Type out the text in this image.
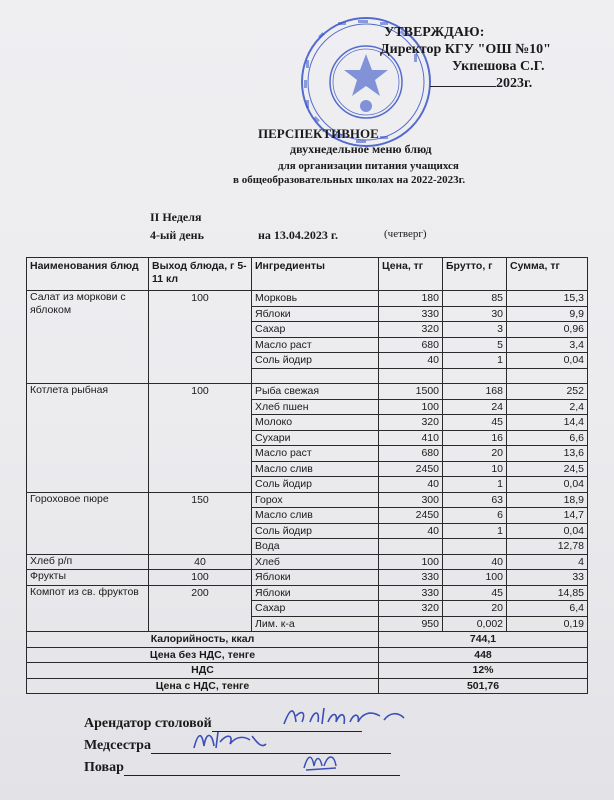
УТВЕРЖДАЮ:
Директор КГУ "ОШ №10"
Укпешова С.Г.
2023г.
ПЕРСПЕКТИВНОЕ
двухнедельное меню блюд
для организации питания учащихся
в общеобразовательных школах на 2022-2023г.
II Неделя
4-ый день	на 13.04.2023 г.	(четверг)
Наименования блюд	Выход блюда, г 5-11 кл	Ингредиенты	Цена, тг	Брутто, г	Сумма, тг
Салат из моркови с яблоком	100	Морковь	180	85	15,3
		Яблоки	330	30	9,9
		Сахар	320	3	0,96
		Масло раст	680	5	3,4
		Соль йодир	40	1	0,04

Котлета рыбная	100	Рыба свежая	1500	168	252
		Хлеб пшен	100	24	2,4
		Молоко	320	45	14,4
		Сухари	410	16	6,6
		Масло раст	680	20	13,6
		Масло слив	2450	10	24,5
		Соль йодир	40	1	0,04
Гороховое пюре	150	Горох	300	63	18,9
		Масло слив	2450	6	14,7
		Соль йодир	40	1	0,04
		Вода			12,78
Хлеб р/п	40	Хлеб	100	40	4
Фрукты	100	Яблоки	330	100	33
Компот из св. фруктов	200	Яблоки	330	45	14,85
		Сахар	320	20	6,4
		Лим. к-а	950	0,002	0,19
Калорийность, ккал			744,1		
Цена без НДС, тенге			448		
НДС			12%		
Цена с НДС, тенге			501,76		
Арендатор столовой
Медсестра
Повар
